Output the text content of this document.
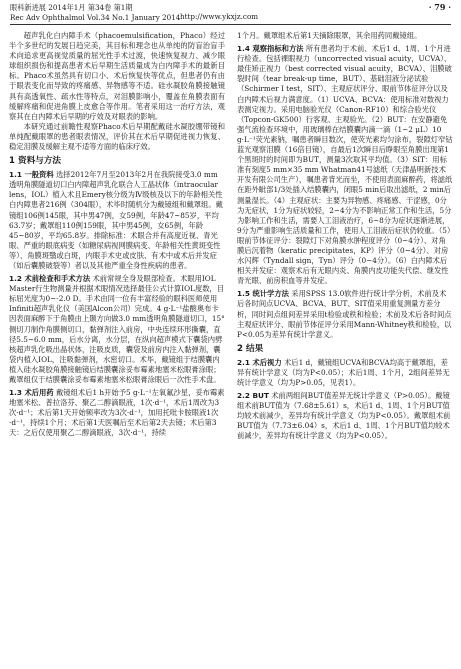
眼科新进展 2014年1月 第34卷 第1期
Rec Adv Ophthalmol Vol.34 No.1 January 2014 http://www.ykxjz.com
· 79 ·

超声乳化白内障手术（phacoemulsification，Phaco）经过半个多世纪的发展日趋完美，其目标和理念也从单纯的防盲治盲手术向追求更高视觉质量的屈光性手术过渡，快速恢复视力、减少眼球组织损伤和提高患者术后早期生活质量成为白内障手术的最新目标。Phaco术虽然具有切口小、术后恢复快等优点，但患者仍有由于眼表变化而导致的疼痛感、异物感等不适。硅水凝胶角膜接触镜具有高透氧性、疏水性等特点，对泪膜影响小，覆盖在角膜表面有缓解疼痛和促进角膜上皮愈合等作用。笔者采用这一治疗方法，观察其在白内障术后早期的疗效及对眼表的影响。

本研究通过前瞻性观察Phaco术后早期配戴硅水凝胶绷带镜和单纯配戴眼罩的患者眼表情况，评价其在术后早期促进视力恢复、稳定泪膜及缓解主观不适等方面的临床疗效。

1 资料与方法

1.1 一般资料 选择2012年7月至2013年2月在我院接受3.0 mm透明角膜隧道切口白内障超声乳化联合人工晶状体（intraocular lens，IOL）植入术且Emery核分级为Ⅳ级核及以下的年龄相关性白内障患者216例（304眼），术毕时随机分为戴镜组和戴罩组。戴镜组106例145眼，其中男47例，女59例，年龄47~85岁，平均63.7岁；戴罩组110例159眼，其中男45例，女65例，年龄45~80岁，平均65.8岁。排除标准：术眼合并有高度近视、青光眼、严重的眼底病变（如糖尿病视网膜病变、年龄相关性黄斑变性等）、角膜斑翳或白斑，内眼手术史或皮肤、有术中或术后并发症（如后囊膜破裂等）者以及其他严重全身性疾病的患者。

1.2 术前检查和手术方法 术前常规全身及眼部检查。术眼用IOL Master行生物测量并根据术眼情况选择最佳公式计算IOL度数，目标屈光度为0~-2.0 D。手术由同一位有丰富经验的眼科医师使用Infiniti超声乳化仪（美国Alcon公司）完成。4 g·L⁻¹盐酸奥布卡因表面麻醉下于角膜由上颞方向做3.0 mm透明角膜隧道切口，15°侧切刀制作角膜侧切口，黏弹剂注入前房，中央连续环形撕囊，直径5.5~6.0 mm，后水分离，水分层，在纵向超声模式下囊袋内劈核超声乳化吸出晶状体，注吸皮质，囊袋及前房内注入黏弹剂，囊袋内植入IOL，注吸黏弹剂，水密切口。术毕，戴镜组于结膜囊内植入硅水凝胶角膜接触镜后结膜囊涂妥布霉素地塞米松眼膏涂眼；戴罩组仅于结膜囊涂妥布霉素地塞米松眼膏涂眼后一次性手术盘。

1.3 术后用药 戴镜组术后1 h开始予5 g·L⁻¹左氧氟沙星，妥布霉素地塞米松、普拉洛芬、聚乙二醇滴眼液，1次·d⁻¹，术后1周改为3次·d⁻¹；术后第1天开始频率改为3次·d⁻¹，加用托吡卡胺眼液1次·d⁻¹，持续1个月；术后第1天医嘱后至术后第2天去镜；术后第3天：之后仅使用聚乙二醇滴眼液，3次·d⁻¹，持续

1个月。戴罩组术后第1天摘除眼罩，其余用药同戴镜组。

1.4 观察指标和方法 所有患者均于术前、术后1 d、1周、1个月进行检查。包括裸眼视力（uncorrected visual acuity，UCVA）、最佳矫正视力（best corrected visual acuity，BCVA）、泪膜破裂时间（tear break-up time，BUT）、基础泪液分泌试验（Schirmer Ⅰ test，SIT）、主观症状评分、眼前节体征评分以及白内障术后视力满意度。（1）UCVA、BCVA：使用标准对数视力表测定视力。采用电脑验光仪（Canon-RF10）和综合验光仪（Topcon-GK500）行客观、主观验光。（2）BUT：在安静避免强气流检查环境中，用玻璃棒在结膜囊内滴一滴（1~2 μL）10 g·L⁻¹荧光素钠，嘱患者瞬目数次，使荧光素均匀涂布，裂隙灯窄钴蓝光观察泪膜（16倍目镜），自最后1次瞬目后睁眼至角膜出现第1个黑斑时的时间即为BUT，测量3次取其平均值。（3）SIT：用标准有刻度5 mm×35 mm Whatman41号滤纸（天津晶明新技术开发有限公司生产），嘱患者背光而坐，不使用表面麻醉药，将滤纸在距外眦部1/3处插入结膜囊内，闭眼5 min后取出滤纸，2 min后测量湿长。（4）主观症状：主要为异物感、疼痛感、干涩感，0分为无症状，1分为症状较轻，2~4分为不影响正常工作和生活，5分为影响工作和生活，需要人工泪液治疗，6~8分为症状逐渐进展，9分为严重影响生活质量和工作，使用人工泪液后症状仍较重。（5）眼前节体征评分：裂隙灯下对角膜水肿程度评分（0~4分）、对角膜后沉着物（keratic precipitates，KP）评分（0~4分）、对房水闪辉（Tyndall sign，Tyn）评分（0~4分）。（6）白内障术后相关并发症：观察术后有无眼内炎、角膜内皮功能失代偿、继发性青光眼、前房积血等并发症。

1.5 统计学方法 采用SPSS 13.0软件进行统计学分析，术前及术后各时间点UCVA、BCVA、BUT、SIT值采用重复测量方差分析，同时间点组间差异采用t检验或秩和检验；术前及术后各时间点主观症状评分、眼前节体征评分采用Mann-Whitney秩和检验，以P<0.05为差异有统计学意义。

2 结果

2.1 术后视力 术后1 d，戴镜组UCVA和BCVA均高于戴罩组，差异有统计学意义（均为P<0.05）；术后1周、1个月，2组间差异无统计学意义（均为P>0.05，见表1）。

2.2 BUT 术前两组间BUT值差异无统计学意义（P>0.05）。戴镜组术前BUT值为（7.68±5.61）s，术后1 d、1周、1个月BUT值均较术前减少，差异均有统计学意义（均为P<0.05）。戴罩组术前BUT值为（7.73±6.04）s，术后1 d、1周、1个月BUT值均较术前减少，差异均有统计学意义（均为P<0.05）。
